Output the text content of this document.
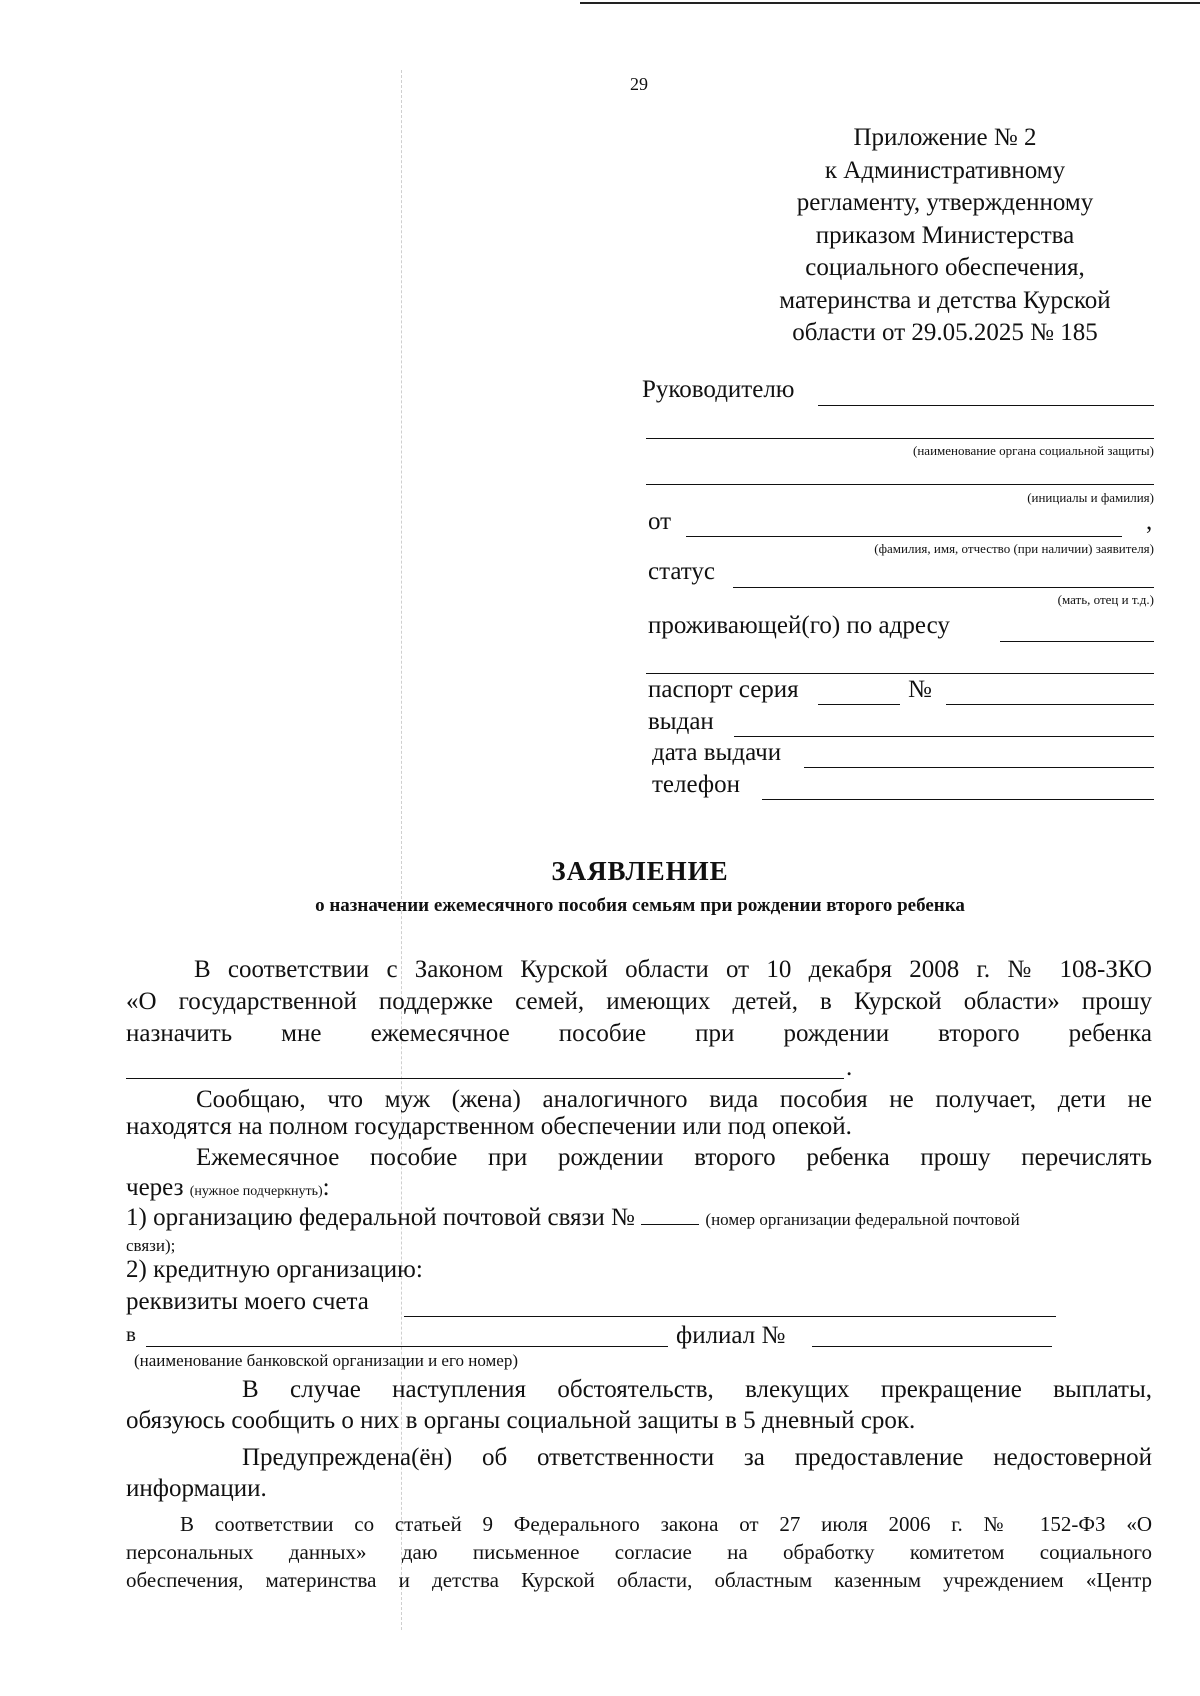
29
Приложение № 2
к Административному
регламенту, утвержденному
приказом Министерства
социального обеспечения,
материнства и детства Курской
области от 29.05.2025 № 185
Руководителю
(наименование органа социальной защиты)
(инициалы и фамилия)
от	,
(фамилия, имя, отчество (при наличии) заявителя)
статус
(мать, отец и т.д.)
проживающей(го) по адресу
паспорт серия	№
выдан
дата выдачи
телефон
ЗАЯВЛЕНИЕ
о назначении ежемесячного пособия семьям при рождении второго ребенка
В соответствии с Законом Курской области от 10 декабря 2008 г. № 108-ЗКО
«О государственной поддержке семей, имеющих детей, в Курской области» прошу
назначить мне ежемесячное пособие при рождении второго ребенка
.
Сообщаю, что муж (жена) аналогичного вида пособия не получает, дети не
находятся на полном государственном обеспечении или под опекой.
Ежемесячное пособие при рождении второго ребенка прошу перечислять
через (нужное подчеркнуть):
1) организацию федеральной почтовой связи №	(номер организации федеральной почтовой
связи);
2) кредитную организацию:
реквизиты моего счета
в	филиал №
(наименование банковской организации и его номер)
В случае наступления обстоятельств, влекущих прекращение выплаты,
обязуюсь сообщить о них в органы социальной защиты в 5 дневный срок.
Предупреждена(ён) об ответственности за предоставление недостоверной
информации.
В соответствии со статьей 9 Федерального закона от 27 июля 2006 г. № 152-ФЗ «О
персональных данных» даю письменное согласие на обработку комитетом социального
обеспечения, материнства и детства Курской области, областным казенным учреждением «Центр
